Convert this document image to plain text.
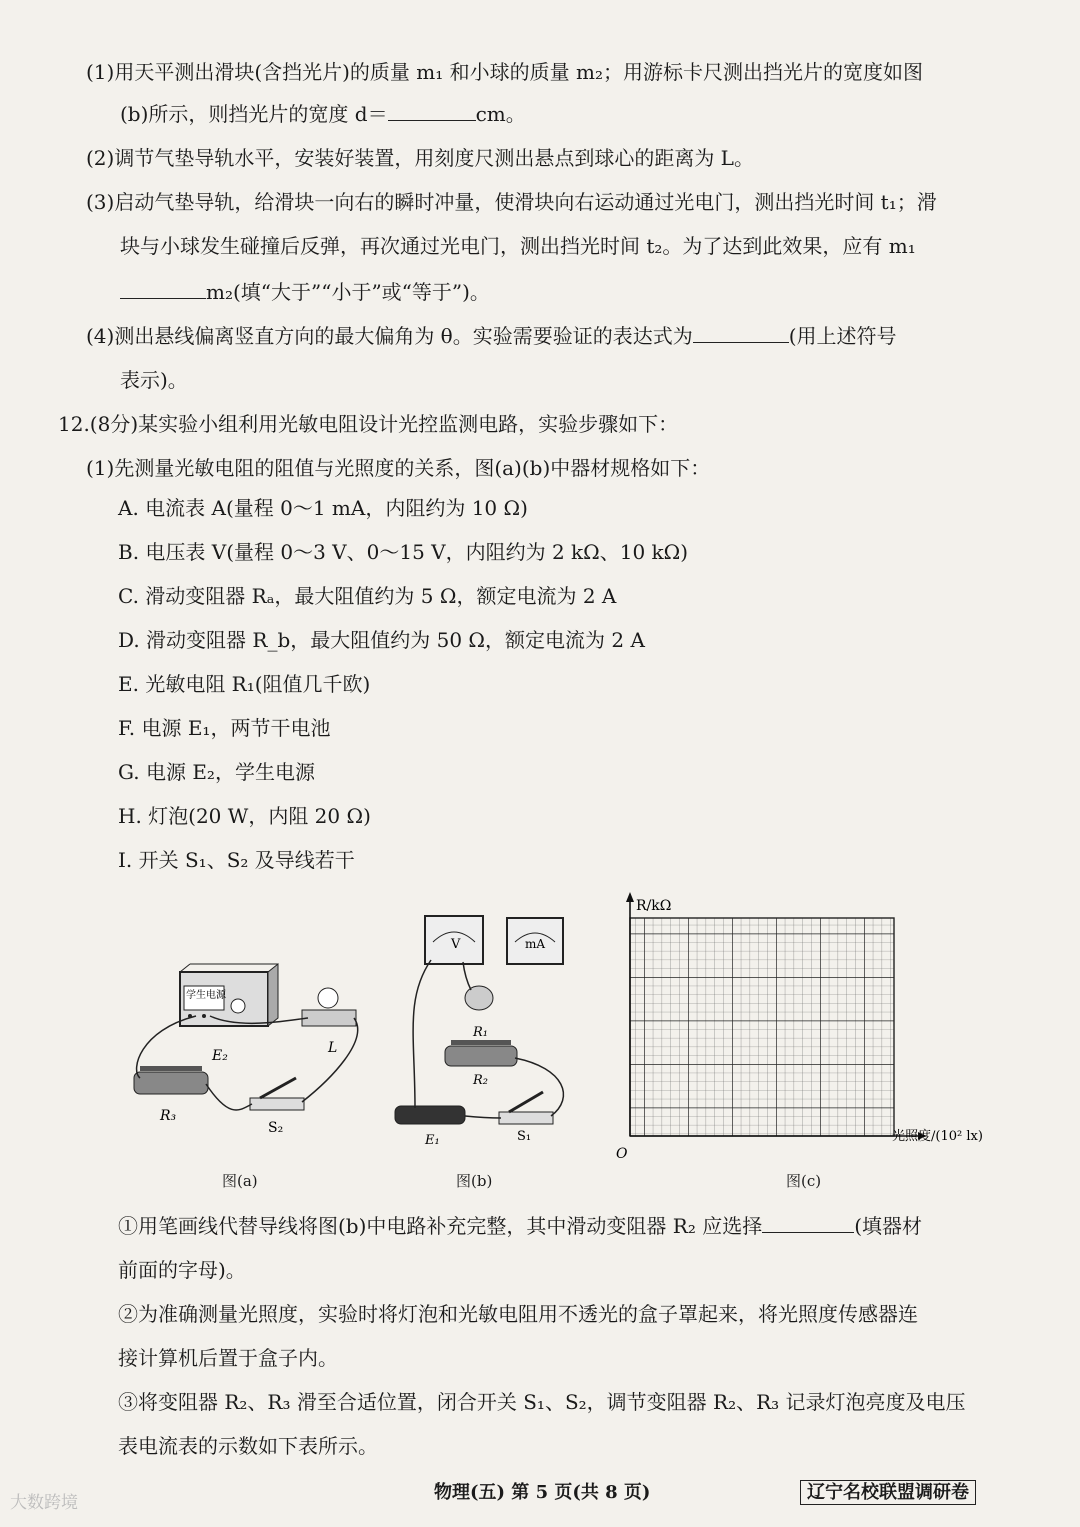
(1)用天平测出滑块(含挡光片)的质量 m₁ 和小球的质量 m₂；用游标卡尺测出挡光片的宽度如图
(b)所示，则挡光片的宽度 d＝	cm。
(2)调节气垫导轨水平，安装好装置，用刻度尺测出悬点到球心的距离为 L。
(3)启动气垫导轨，给滑块一向右的瞬时冲量，使滑块向右运动通过光电门，测出挡光时间 t₁；滑
块与小球发生碰撞后反弹，再次通过光电门，测出挡光时间 t₂。为了达到此效果，应有 m₁
m₂(填“大于”“小于”或“等于”)。
(4)测出悬线偏离竖直方向的最大偏角为 θ。实验需要验证的表达式为	(用上述符号
表示)。
12.(8分)某实验小组利用光敏电阻设计光控监测电路，实验步骤如下：
(1)先测量光敏电阻的阻值与光照度的关系，图(a)(b)中器材规格如下：
A. 电流表 A(量程 0～1 mA，内阻约为 10 Ω)
B. 电压表 V(量程 0～3 V、0～15 V，内阻约为 2 kΩ、10 kΩ)
C. 滑动变阻器 Rₐ，最大阻值约为 5 Ω，额定电流为 2 A
D. 滑动变阻器 R_b，最大阻值约为 50 Ω，额定电流为 2 A
E. 光敏电阻 R₁(阻值几千欧)
F. 电源 E₁，两节干电池
G. 电源 E₂，学生电源
H. 灯泡(20 W，内阻 20 Ω)
I. 开关 S₁、S₂ 及导线若干
学生电源
E₂	L
R₃
S₂
图(a)
V	mA
R₁
R₂
E₁	S₁
图(b)
R/kΩ
光照度/(10² lx)
O
图(c)
①用笔画线代替导线将图(b)中电路补充完整，其中滑动变阻器 R₂ 应选择	(填器材
前面的字母)。
②为准确测量光照度，实验时将灯泡和光敏电阻用不透光的盒子罩起来，将光照度传感器连
接计算机后置于盒子内。
③将变阻器 R₂、R₃ 滑至合适位置，闭合开关 S₁、S₂，调节变阻器 R₂、R₃ 记录灯泡亮度及电压
表电流表的示数如下表所示。
物理(五) 第 5 页(共 8 页)	辽宁名校联盟调研卷
大数跨境
